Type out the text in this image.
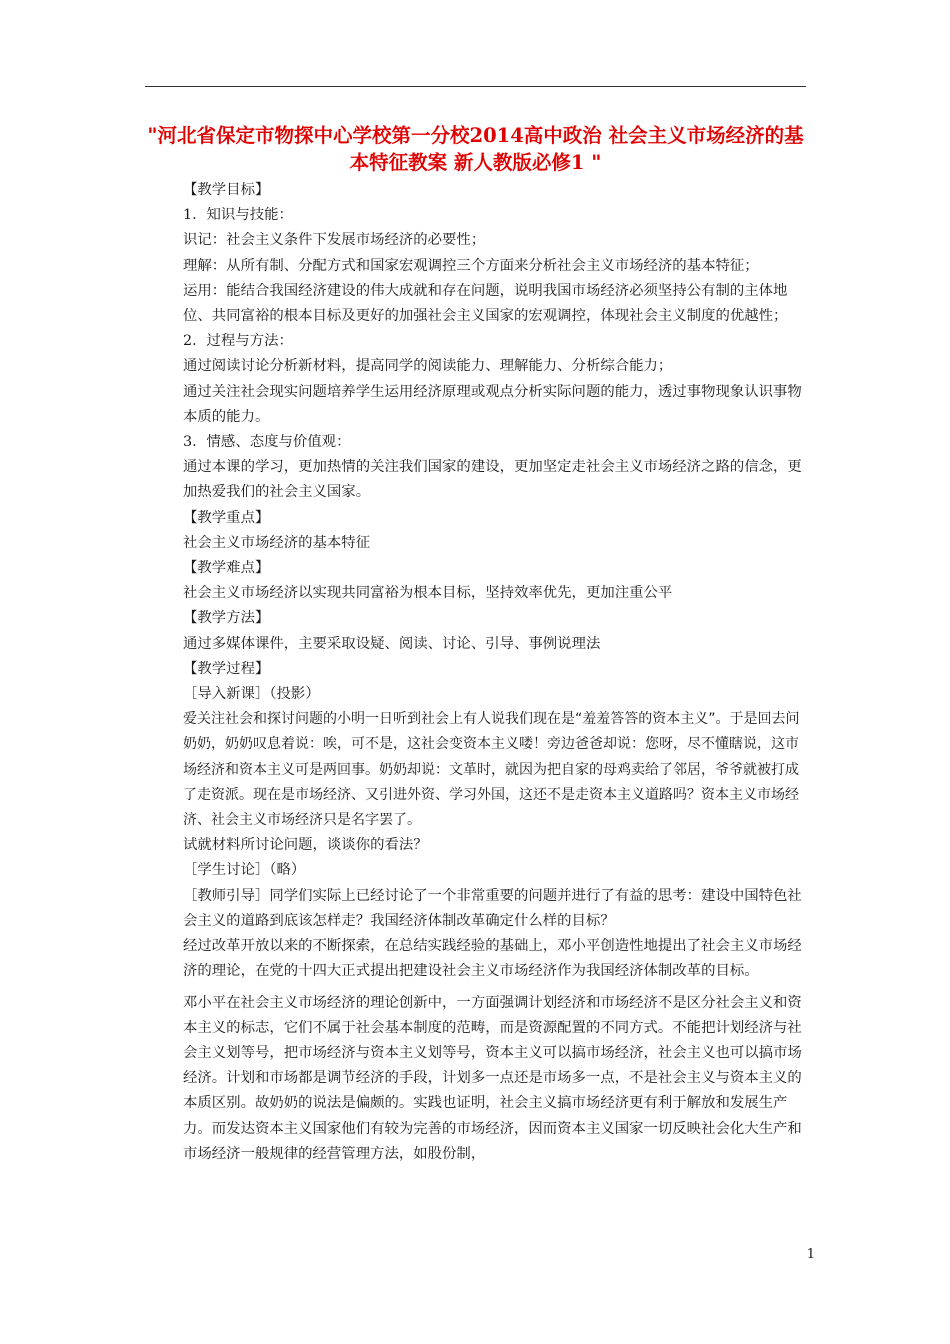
"河北省保定市物探中心学校第一分校2014高中政治 社会主义市场经济的基本特征教案 新人教版必修1 "

【教学目标】

1．知识与技能：

识记：社会主义条件下发展市场经济的必要性；

理解：从所有制、分配方式和国家宏观调控三个方面来分析社会主义市场经济的基本特征；

运用：能结合我国经济建设的伟大成就和存在问题，说明我国市场经济必须坚持公有制的主体地位、共同富裕的根本目标及更好的加强社会主义国家的宏观调控，体现社会主义制度的优越性；

2．过程与方法：

通过阅读讨论分析新材料，提高同学的阅读能力、理解能力、分析综合能力；

通过关注社会现实问题培养学生运用经济原理或观点分析实际问题的能力，透过事物现象认识事物本质的能力。

3．情感、态度与价值观：

通过本课的学习，更加热情的关注我们国家的建设，更加坚定走社会主义市场经济之路的信念，更加热爱我们的社会主义国家。

【教学重点】

社会主义市场经济的基本特征

【教学难点】

社会主义市场经济以实现共同富裕为根本目标，坚持效率优先，更加注重公平

【教学方法】

通过多媒体课件，主要采取设疑、阅读、讨论、引导、事例说理法

【教学过程】

［导入新课］（投影）

爱关注社会和探讨问题的小明一日听到社会上有人说我们现在是“羞羞答答的资本主义”。于是回去问奶奶，奶奶叹息着说：唉，可不是，这社会变资本主义喽！旁边爸爸却说：您呀，尽不懂瞎说，这市场经济和资本主义可是两回事。奶奶却说：文革时，就因为把自家的母鸡卖给了邻居，爷爷就被打成了走资派。现在是市场经济、又引进外资、学习外国，这还不是走资本主义道路吗？资本主义市场经济、社会主义市场经济只是名字罢了。

试就材料所讨论问题，谈谈你的看法？

［学生讨论］（略）

［教师引导］同学们实际上已经讨论了一个非常重要的问题并进行了有益的思考：建设中国特色社会主义的道路到底该怎样走？我国经济体制改革确定什么样的目标？

经过改革开放以来的不断探索，在总结实践经验的基础上，邓小平创造性地提出了社会主义市场经济的理论，在党的十四大正式提出把建设社会主义市场经济作为我国经济体制改革的目标。

邓小平在社会主义市场经济的理论创新中，一方面强调计划经济和市场经济不是区分社会主义和资本主义的标志，它们不属于社会基本制度的范畴，而是资源配置的不同方式。不能把计划经济与社会主义划等号，把市场经济与资本主义划等号，资本主义可以搞市场经济，社会主义也可以搞市场经济。计划和市场都是调节经济的手段，计划多一点还是市场多一点，不是社会主义与资本主义的本质区别。故奶奶的说法是偏颇的。实践也证明，社会主义搞市场经济更有利于解放和发展生产力。而发达资本主义国家他们有较为完善的市场经济，因而资本主义国家一切反映社会化大生产和市场经济一般规律的经营管理方法，如股份制，

1
